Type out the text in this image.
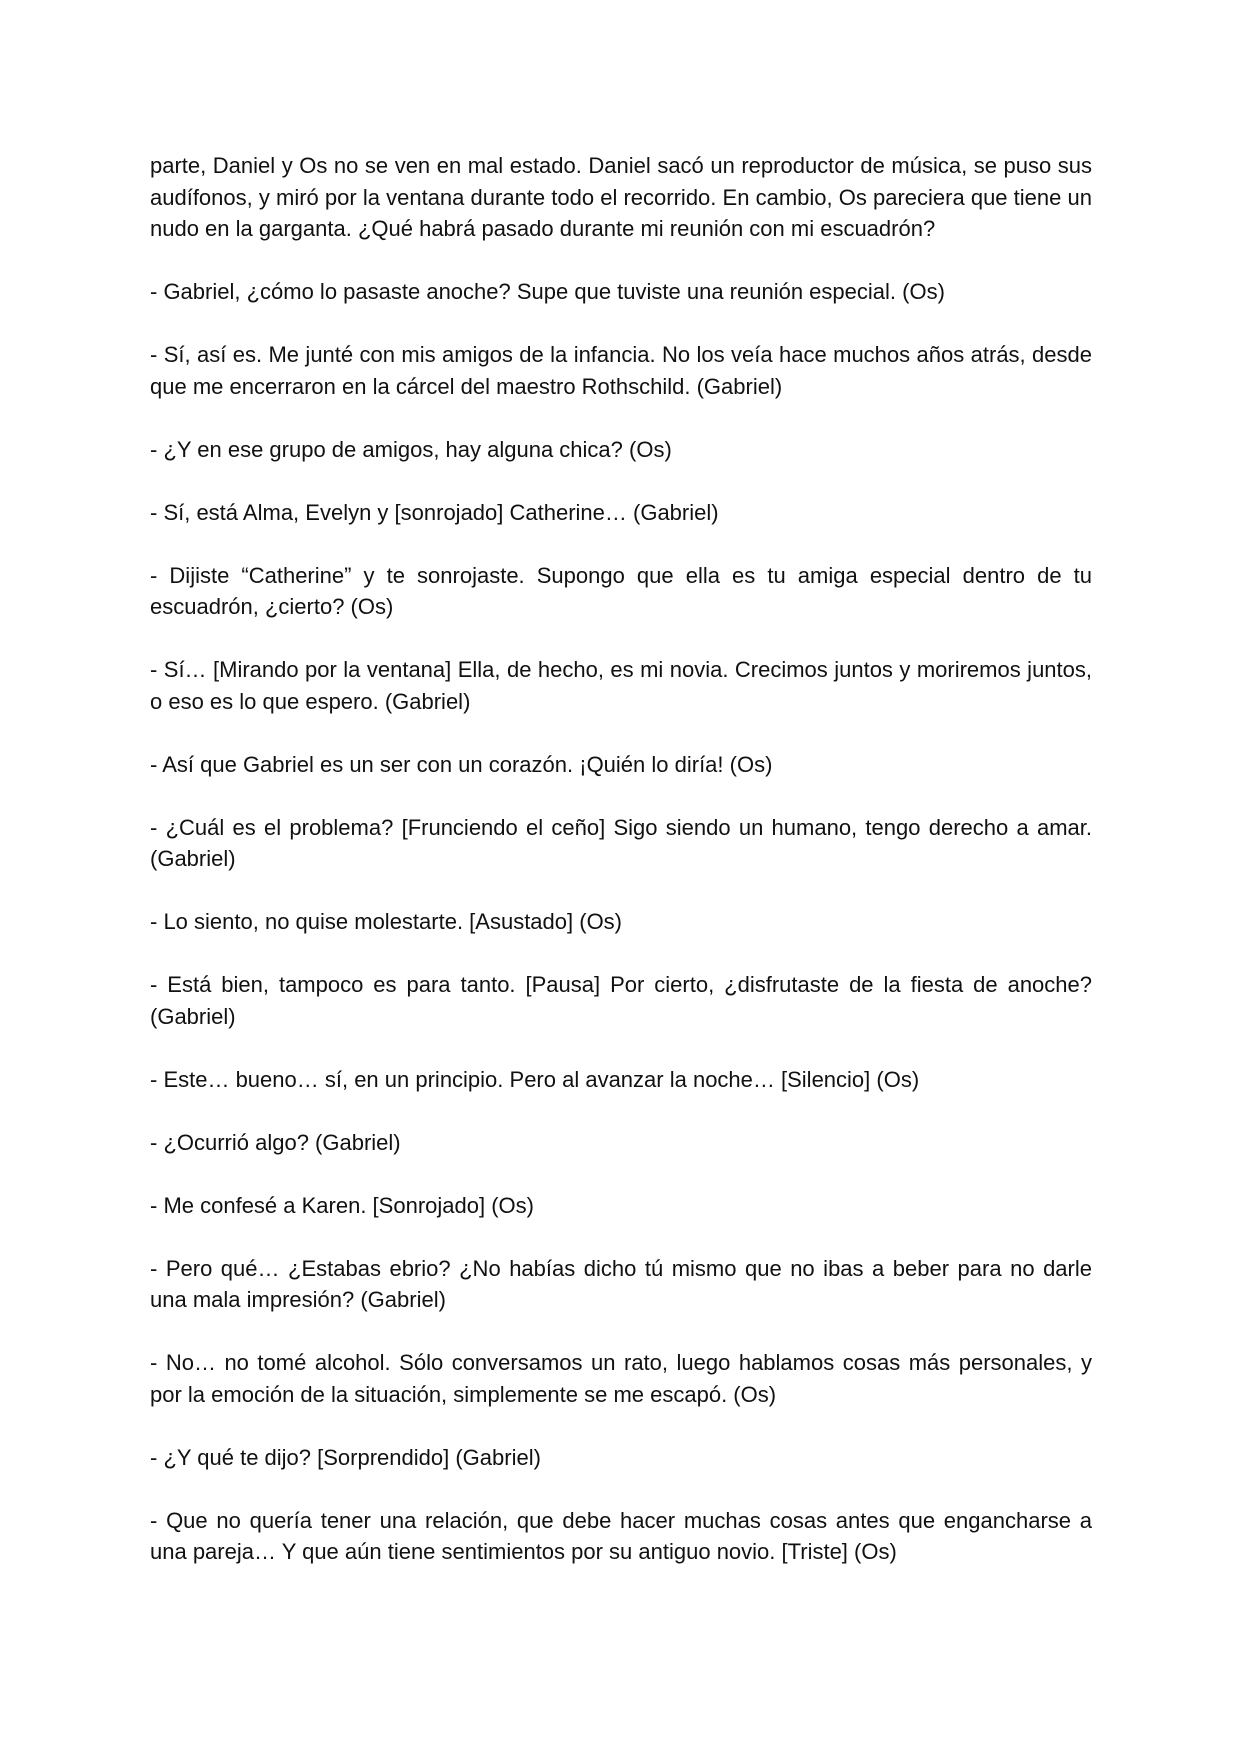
parte, Daniel y Os no se ven en mal estado. Daniel sacó un reproductor de música, se puso sus audífonos, y miró por la ventana durante todo el recorrido. En cambio, Os pareciera que tiene un nudo en la garganta. ¿Qué habrá pasado durante mi reunión con mi escuadrón?

- Gabriel, ¿cómo lo pasaste anoche? Supe que tuviste una reunión especial. (Os)

- Sí, así es. Me junté con mis amigos de la infancia. No los veía hace muchos años atrás, desde que me encerraron en la cárcel del maestro Rothschild. (Gabriel)

- ¿Y en ese grupo de amigos, hay alguna chica? (Os)

- Sí, está Alma, Evelyn y [sonrojado] Catherine… (Gabriel)

- Dijiste “Catherine” y te sonrojaste. Supongo que ella es tu amiga especial dentro de tu escuadrón, ¿cierto? (Os)

- Sí… [Mirando por la ventana] Ella, de hecho, es mi novia. Crecimos juntos y moriremos juntos, o eso es lo que espero. (Gabriel)

- Así que Gabriel es un ser con un corazón. ¡Quién lo diría! (Os)

- ¿Cuál es el problema? [Frunciendo el ceño] Sigo siendo un humano, tengo derecho a amar. (Gabriel)

- Lo siento, no quise molestarte. [Asustado] (Os)

- Está bien, tampoco es para tanto. [Pausa] Por cierto, ¿disfrutaste de la fiesta de anoche? (Gabriel)

- Este… bueno… sí, en un principio. Pero al avanzar la noche… [Silencio] (Os)

- ¿Ocurrió algo? (Gabriel)

- Me confesé a Karen. [Sonrojado] (Os)

- Pero qué… ¿Estabas ebrio? ¿No habías dicho tú mismo que no ibas a beber para no darle una mala impresión? (Gabriel)

- No… no tomé alcohol. Sólo conversamos un rato, luego hablamos cosas más personales, y por la emoción de la situación, simplemente se me escapó. (Os)

- ¿Y qué te dijo? [Sorprendido] (Gabriel)

- Que no quería tener una relación, que debe hacer muchas cosas antes que engancharse a una pareja… Y que aún tiene sentimientos por su antiguo novio. [Triste] (Os)
